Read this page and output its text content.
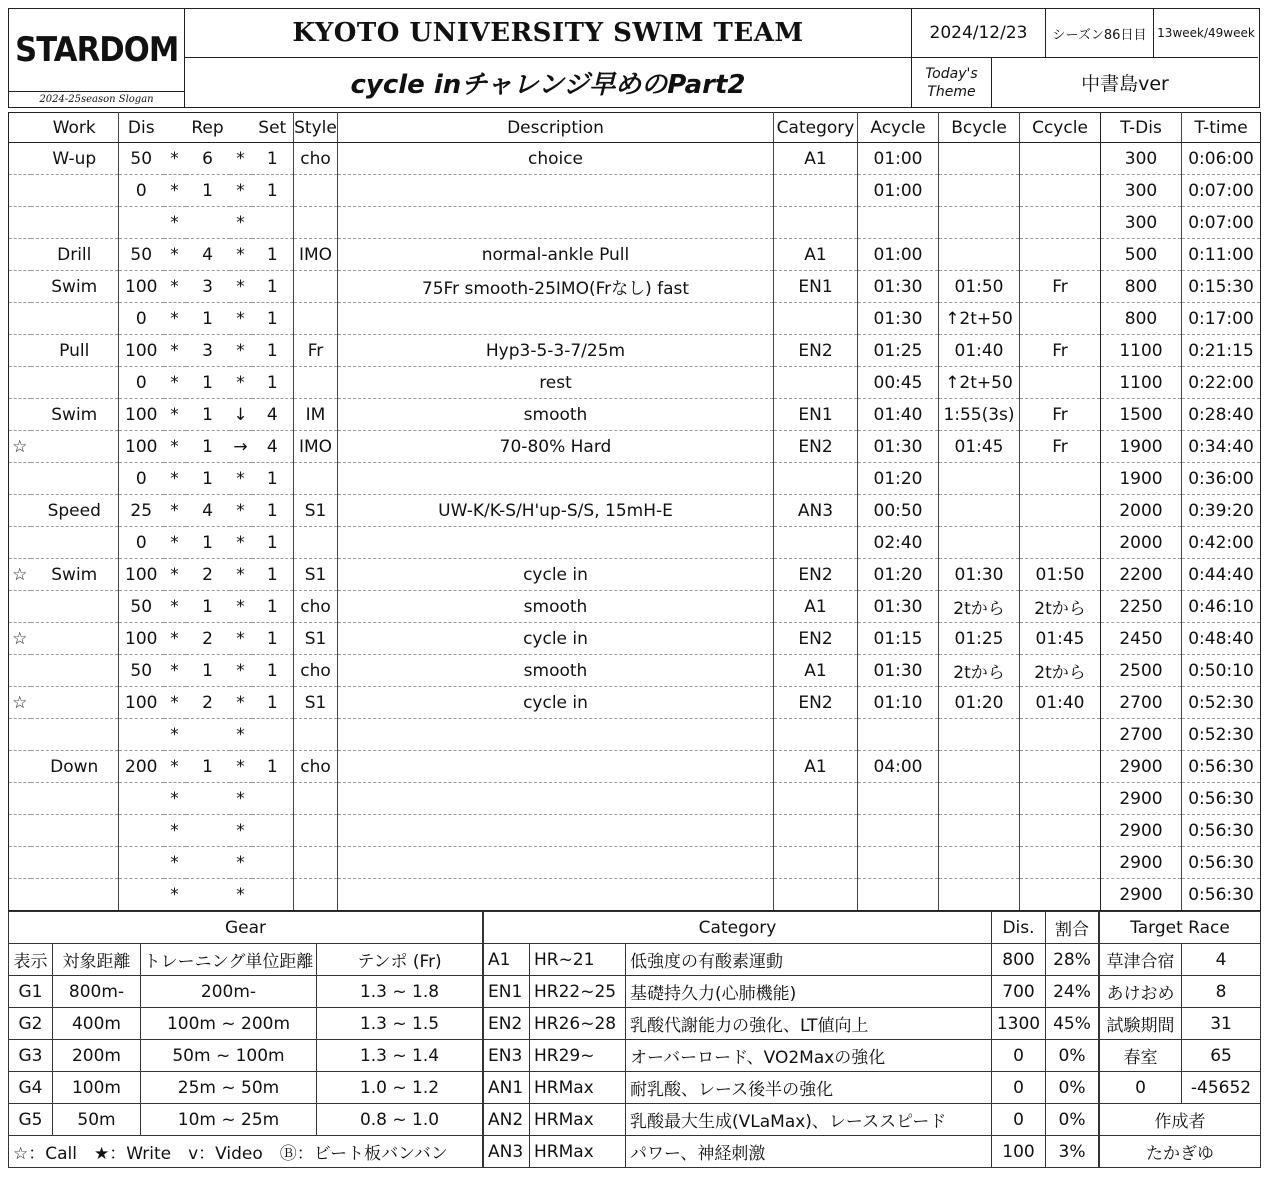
STARDOM
2024-25season Slogan
KYOTO UNIVERSITY SWIM TEAM	2024/12/23 シーズン86日目 13week/49week
cycle inチャレンジ早めのPart2	Today's
Theme	中書島ver
	Work	Dis		Rep		Set	Style	Description	Category	Acycle	Bcycle	Ccycle	T-Dis	T-time
	W-up	50	*	6	*	1	cho	choice	A1	01:00			300	0:06:00
		0	*	1	*	1				01:00			300	0:07:00
			*		*								300	0:07:00
	Drill	50	*	4	*	1	IMO	normal-ankle Pull	A1	01:00			500	0:11:00
	Swim	100	*	3	*	1		75Fr smooth-25IMO(Frなし) fast	EN1	01:30	01:50	Fr	800	0:15:30
		0	*	1	*	1				01:30	↑2t+50		800	0:17:00
	Pull	100	*	3	*	1	Fr	Hyp3-5-3-7/25m	EN2	01:25	01:40	Fr	1100	0:21:15
		0	*	1	*	1		rest		00:45	↑2t+50		1100	0:22:00
	Swim	100	*	1	↓	4	IM	smooth	EN1	01:40	1:55(3s)	Fr	1500	0:28:40
☆		100	*	1	→	4	IMO	70-80% Hard	EN2	01:30	01:45	Fr	1900	0:34:40
		0	*	1	*	1				01:20			1900	0:36:00
	Speed	25	*	4	*	1	S1	UW-K/K-S/H'up-S/S, 15mH-E	AN3	00:50			2000	0:39:20
		0	*	1	*	1				02:40			2000	0:42:00
☆	Swim	100	*	2	*	1	S1	cycle in	EN2	01:20	01:30	01:50	2200	0:44:40
		50	*	1	*	1	cho	smooth	A1	01:30	2tから	2tから	2250	0:46:10
☆		100	*	2	*	1	S1	cycle in	EN2	01:15	01:25	01:45	2450	0:48:40
		50	*	1	*	1	cho	smooth	A1	01:30	2tから	2tから	2500	0:50:10
☆		100	*	2	*	1	S1	cycle in	EN2	01:10	01:20	01:40	2700	0:52:30
			*		*								2700	0:52:30
	Down	200	*	1	*	1	cho		A1	04:00			2900	0:56:30
			*		*								2900	0:56:30
			*		*								2900	0:56:30
			*		*								2900	0:56:30
			*		*								2900	0:56:30
Gear			
表示	対象距離	トレーニング単位距離	テンポ (Fr)
G1	800m-	200m-	1.3 ~ 1.8
G2	400m	100m ~ 200m	1.3 ~ 1.5
G3	200m	50m ~ 100m	1.3 ~ 1.4
G4	100m	25m ~ 50m	1.0 ~ 1.2
G5	50m	10m ~ 25m	0.8 ~ 1.0
☆：Call　★：Write　v：Video　Ⓑ：ビート板バンバン			
Category			Dis.	割合
A1	HR~21	低強度の有酸素運動	800	28%
EN1	HR22~25	基礎持久力(心肺機能)	700	24%
EN2	HR26~28	乳酸代謝能力の強化、LT値向上	1300	45%
EN3	HR29~	オーバーロード、VO2Maxの強化	0	0%
AN1	HRMax	耐乳酸、レース後半の強化	0	0%
AN2	HRMax	乳酸最大生成(VLaMax)、レーススピード	0	0%
AN3	HRMax	パワー、神経刺激	100	3%
Target Race	
草津合宿	4
あけおめ	8
試験期間	31
春室	65
0	-45652
作成者	
たかぎゆ	
